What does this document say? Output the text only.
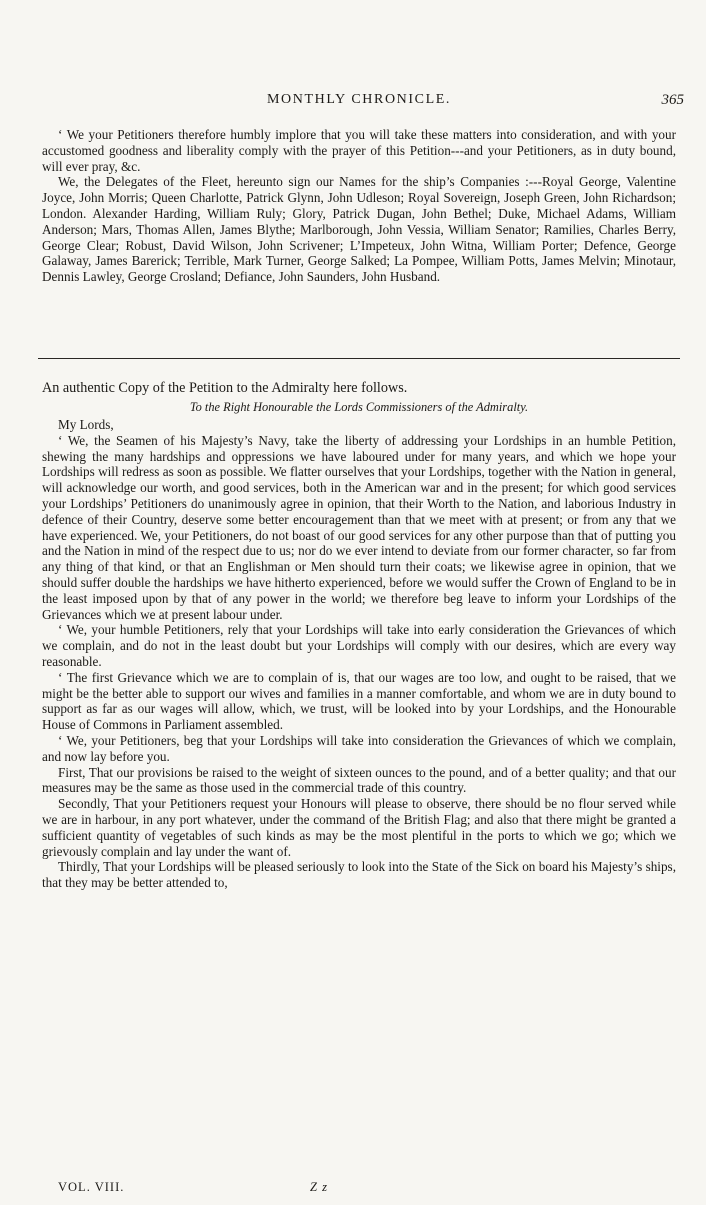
MONTHLY CHRONICLE.	365

‘ We your Petitioners therefore humbly implore that you will take these matters into consideration, and with your accustomed goodness and liberality comply with the prayer of this Petition---and your Petitioners, as in duty bound, will ever pray, &c.

We, the Delegates of the Fleet, hereunto sign our Names for the ship’s Companies :---Royal George, Valentine Joyce, John Morris; Queen Charlotte, Patrick Glynn, John Udleson; Royal Sovereign, Joseph Green, John Richardson; London. Alexander Harding, William Ruly; Glory, Patrick Dugan, John Bethel; Duke, Michael Adams, William Anderson; Mars, Thomas Allen, James Blythe; Marlborough, John Vessia, William Senator; Ramilies, Charles Berry, George Clear; Robust, David Wilson, John Scrivener; L’Impeteux, John Witna, William Porter; Defence, George Galaway, James Barerick; Terrible, Mark Turner, George Salked; La Pompee, William Potts, James Melvin; Minotaur, Dennis Lawley, George Crosland; Defiance, John Saunders, John Husband.

An authentic Copy of the Petition to the Admiralty here follows.

To the Right Honourable the Lords Commissioners of the Admiralty.

My Lords,

‘ We, the Seamen of his Majesty’s Navy, take the liberty of addressing your Lordships in an humble Petition, shewing the many hardships and oppressions we have laboured under for many years, and which we hope your Lordships will redress as soon as possible. We flatter ourselves that your Lordships, together with the Nation in general, will acknowledge our worth, and good services, both in the American war and in the present; for which good services your Lordships’ Petitioners do unanimously agree in opinion, that their Worth to the Nation, and laborious Industry in defence of their Country, deserve some better encouragement than that we meet with at present; or from any that we have experienced. We, your Petitioners, do not boast of our good services for any other purpose than that of putting you and the Nation in mind of the respect due to us; nor do we ever intend to deviate from our former character, so far from any thing of that kind, or that an Englishman or Men should turn their coats; we likewise agree in opinion, that we should suffer double the hardships we have hitherto experienced, before we would suffer the Crown of England to be in the least imposed upon by that of any power in the world; we therefore beg leave to inform your Lordships of the Grievances which we at present labour under.

‘ We, your humble Petitioners, rely that your Lordships will take into early consideration the Grievances of which we complain, and do not in the least doubt but your Lordships will comply with our desires, which are every way reasonable.

‘ The first Grievance which we are to complain of is, that our wages are too low, and ought to be raised, that we might be the better able to support our wives and families in a manner comfortable, and whom we are in duty bound to support as far as our wages will allow, which, we trust, will be looked into by your Lordships, and the Honourable House of Commons in Parliament assembled.

‘ We, your Petitioners, beg that your Lordships will take into consideration the Grievances of which we complain, and now lay before you.

First, That our provisions be raised to the weight of sixteen ounces to the pound, and of a better quality; and that our measures may be the same as those used in the commercial trade of this country.

Secondly, That your Petitioners request your Honours will please to observe, there should be no flour served while we are in harbour, in any port whatever, under the command of the British Flag; and also that there might be granted a sufficient quantity of vegetables of such kinds as may be the most plentiful in the ports to which we go; which we grievously complain and lay under the want of.

Thirdly, That your Lordships will be pleased seriously to look into the State of the Sick on board his Majesty’s ships, that they may be better attended to,

VOL. VIII.	Z z
